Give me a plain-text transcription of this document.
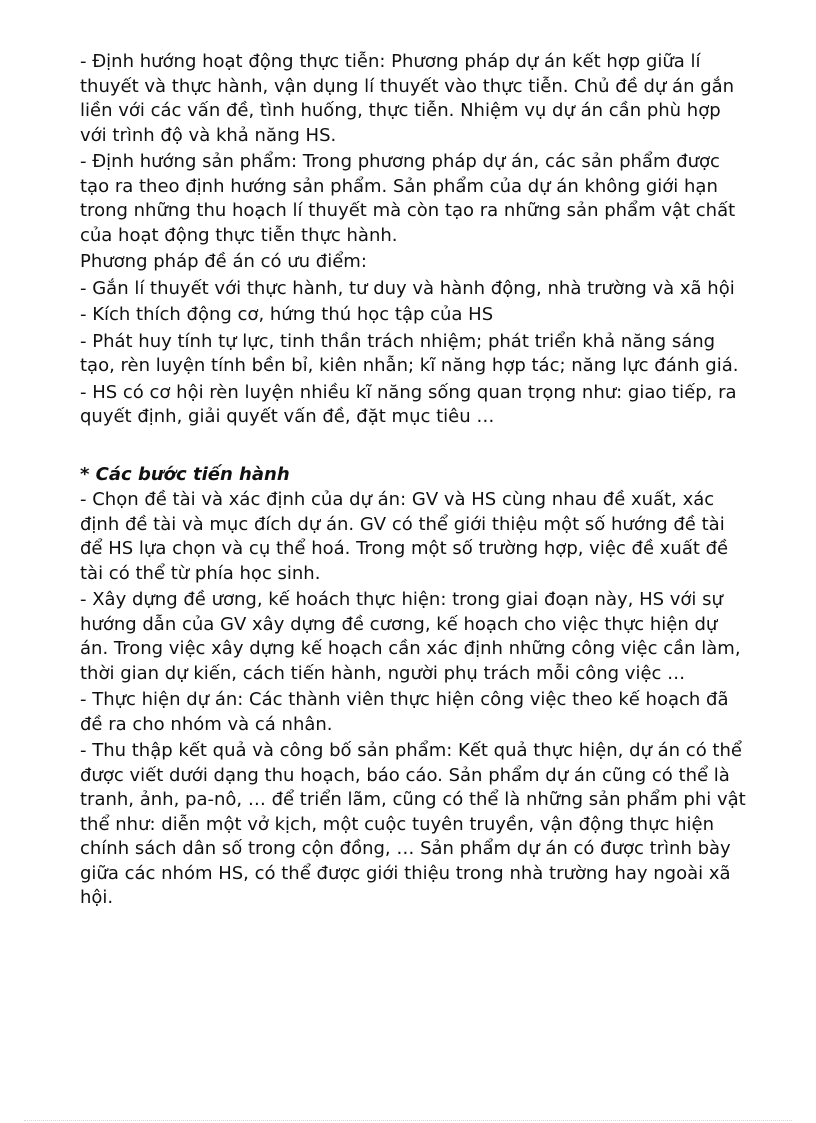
- Định hướng hoạt động thực tiễn: Phương pháp dự án kết hợp giữa lí thuyết và thực hành, vận dụng lí thuyết vào thực tiễn. Chủ đề dự án gắn liền với các vấn đề, tình huống, thực tiễn. Nhiệm vụ dự án cần phù hợp với trình độ và khả năng HS.

- Định hướng sản phẩm: Trong phương pháp dự án, các sản phẩm được tạo ra theo định hướng sản phẩm. Sản phẩm của dự án không giới hạn trong những thu hoạch lí thuyết mà còn tạo ra những sản phẩm vật chất của hoạt động thực tiễn thực hành.

Phương pháp đề án có ưu điểm:

- Gắn lí thuyết với thực hành, tư duy và hành động, nhà trường và xã hội

- Kích thích động cơ, hứng thú học tập của HS

- Phát huy tính tự lực, tinh thần trách nhiệm; phát triển khả năng sáng tạo, rèn luyện tính bền bỉ, kiên nhẫn; kĩ năng hợp tác; năng lực đánh giá.

- HS có cơ hội rèn luyện nhiều kĩ năng sống quan trọng như: giao tiếp, ra quyết định, giải quyết vấn đề, đặt mục tiêu …

* Các bước tiến hành

- Chọn đề tài và xác định của dự án: GV và HS cùng nhau đề xuất, xác định đề tài và mục đích dự án. GV có thể giới thiệu một số hướng đề tài để HS lựa chọn và cụ thể hoá. Trong một số trường hợp, việc đề xuất đề tài có thể từ phía học sinh.

- Xây dựng đề ương, kế hoách thực hiện: trong giai đoạn này, HS với sự hướng dẫn của GV xây dựng đề cương, kế hoạch cho việc thực hiện dự án. Trong việc xây dựng kế hoạch cần xác định những công việc cần làm, thời gian dự kiến, cách tiến hành, người phụ trách mỗi công việc …

- Thực hiện dự án: Các thành viên thực hiện công việc theo kế hoạch đã đề ra cho nhóm và cá nhân.

- Thu thập kết quả và công bố sản phẩm: Kết quả thực hiện, dự án có thể được viết dưới dạng thu hoạch, báo cáo. Sản phẩm dự án cũng có thể là tranh, ảnh, pa-nô, … để triển lãm, cũng có thể là những sản phẩm phi vật thể như: diễn một vở kịch, một cuộc tuyên truyền, vận động thực hiện chính sách dân số trong cộn đồng, … Sản phẩm dự án có được trình bày giữa các nhóm HS, có thể được giới thiệu trong nhà trường hay ngoài xã hội.
